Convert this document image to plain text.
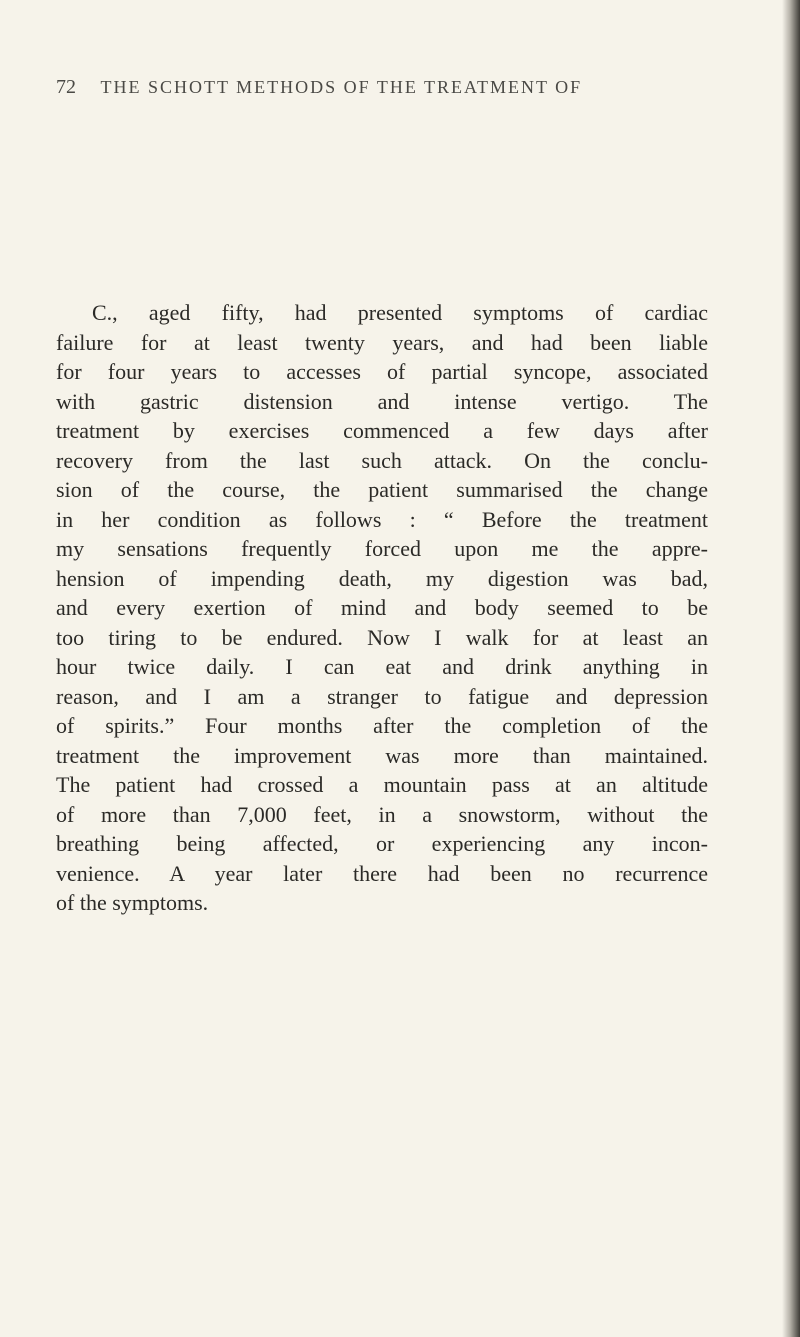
72 THE SCHOTT METHODS OF THE TREATMENT OF
C., aged fifty, had presented symptoms of cardiac
failure for at least twenty years, and had been liable
for four years to accesses of partial syncope, associated
with gastric distension and intense vertigo. The
treatment by exercises commenced a few days after
recovery from the last such attack. On the conclu-
sion of the course, the patient summarised the change
in her condition as follows : “ Before the treatment
my sensations frequently forced upon me the appre-
hension of impending death, my digestion was bad,
and every exertion of mind and body seemed to be
too tiring to be endured. Now I walk for at least an
hour twice daily. I can eat and drink anything in
reason, and I am a stranger to fatigue and depression
of spirits.” Four months after the completion of the
treatment the improvement was more than maintained.
The patient had crossed a mountain pass at an altitude
of more than 7,000 feet, in a snowstorm, without the
breathing being affected, or experiencing any incon-
venience. A year later there had been no recurrence
of the symptoms.
